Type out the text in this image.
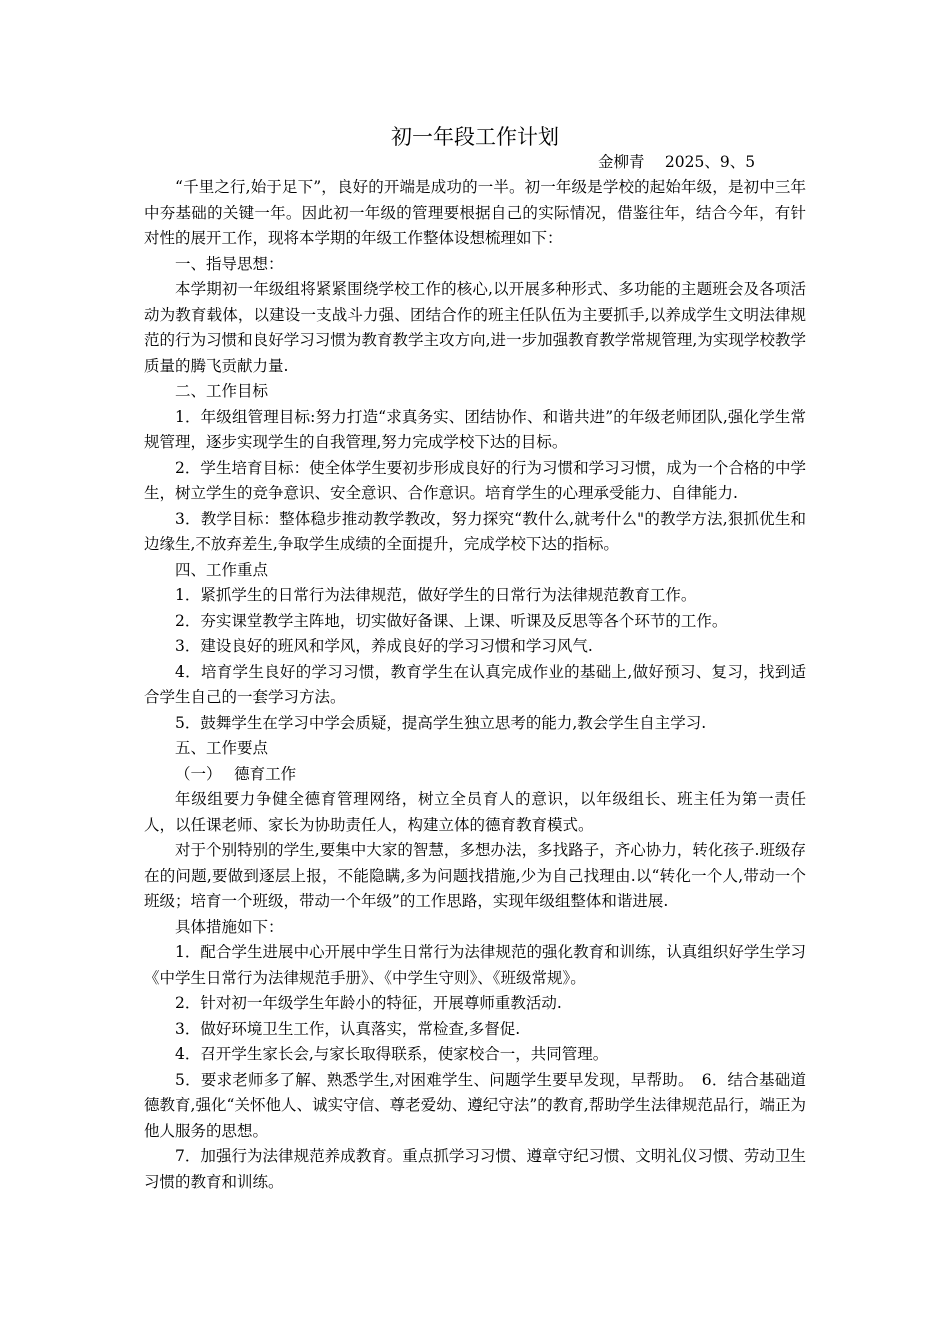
初一年段工作计划
金柳青　 2025、9、5

“千里之行,始于足下”，良好的开端是成功的一半。初一年级是学校的起始年级，是初中三年中夯基础的关键一年。因此初一年级的管理要根据自己的实际情况，借鉴往年，结合今年，有针对性的展开工作，现将本学期的年级工作整体设想梳理如下：

一、指导思想：

本学期初一年级组将紧紧围绕学校工作的核心,以开展多种形式、多功能的主题班会及各项活动为教育载体，以建设一支战斗力强、团结合作的班主任队伍为主要抓手,以养成学生文明法律规范的行为习惯和良好学习习惯为教育教学主攻方向,进一步加强教育教学常规管理,为实现学校教学质量的腾飞贡献力量.

二、工作目标

1．年级组管理目标:努力打造“求真务实、团结协作、和谐共进”的年级老师团队,强化学生常规管理，逐步实现学生的自我管理,努力完成学校下达的目标。

2．学生培育目标：使全体学生要初步形成良好的行为习惯和学习习惯，成为一个合格的中学生，树立学生的竞争意识、安全意识、合作意识。培育学生的心理承受能力、自律能力.

3．教学目标：整体稳步推动教学教改，努力探究“教什么,就考什么"的教学方法,狠抓优生和边缘生,不放弃差生,争取学生成绩的全面提升，完成学校下达的指标。

四、工作重点

1．紧抓学生的日常行为法律规范，做好学生的日常行为法律规范教育工作。

2．夯实课堂教学主阵地，切实做好备课、上课、听课及反思等各个环节的工作。

3．建设良好的班风和学风，养成良好的学习习惯和学习风气.

4．培育学生良好的学习习惯，教育学生在认真完成作业的基础上,做好预习、复习，找到适合学生自己的一套学习方法。

5．鼓舞学生在学习中学会质疑，提高学生独立思考的能力,教会学生自主学习.

五、工作要点

（一）　 德育工作

年级组要力争健全德育管理网络，树立全员育人的意识，以年级组长、班主任为第一责任人，以任课老师、家长为协助责任人，构建立体的德育教育模式。

对于个别特别的学生,要集中大家的智慧，多想办法，多找路子，齐心协力，转化孩子.班级存在的问题,要做到逐层上报，不能隐瞒,多为问题找措施,少为自己找理由.以“转化一个人,带动一个班级；培育一个班级，带动一个年级”的工作思路，实现年级组整体和谐进展.

具体措施如下：

1．配合学生进展中心开展中学生日常行为法律规范的强化教育和训练，认真组织好学生学习《中学生日常行为法律规范手册》、《中学生守则》、《班级常规》。

2．针对初一年级学生年龄小的特征，开展尊师重教活动.

3．做好环境卫生工作，认真落实，常检查,多督促.

4．召开学生家长会,与家长取得联系，使家校合一，共同管理。

5．要求老师多了解、熟悉学生,对困难学生、问题学生要早发现，早帮助。　6．结合基础道德教育,强化“关怀他人、诚实守信、尊老爱幼、遵纪守法”的教育,帮助学生法律规范品行，端正为他人服务的思想。

7．加强行为法律规范养成教育。重点抓学习习惯、遵章守纪习惯、文明礼仪习惯、劳动卫生习惯的教育和训练。
